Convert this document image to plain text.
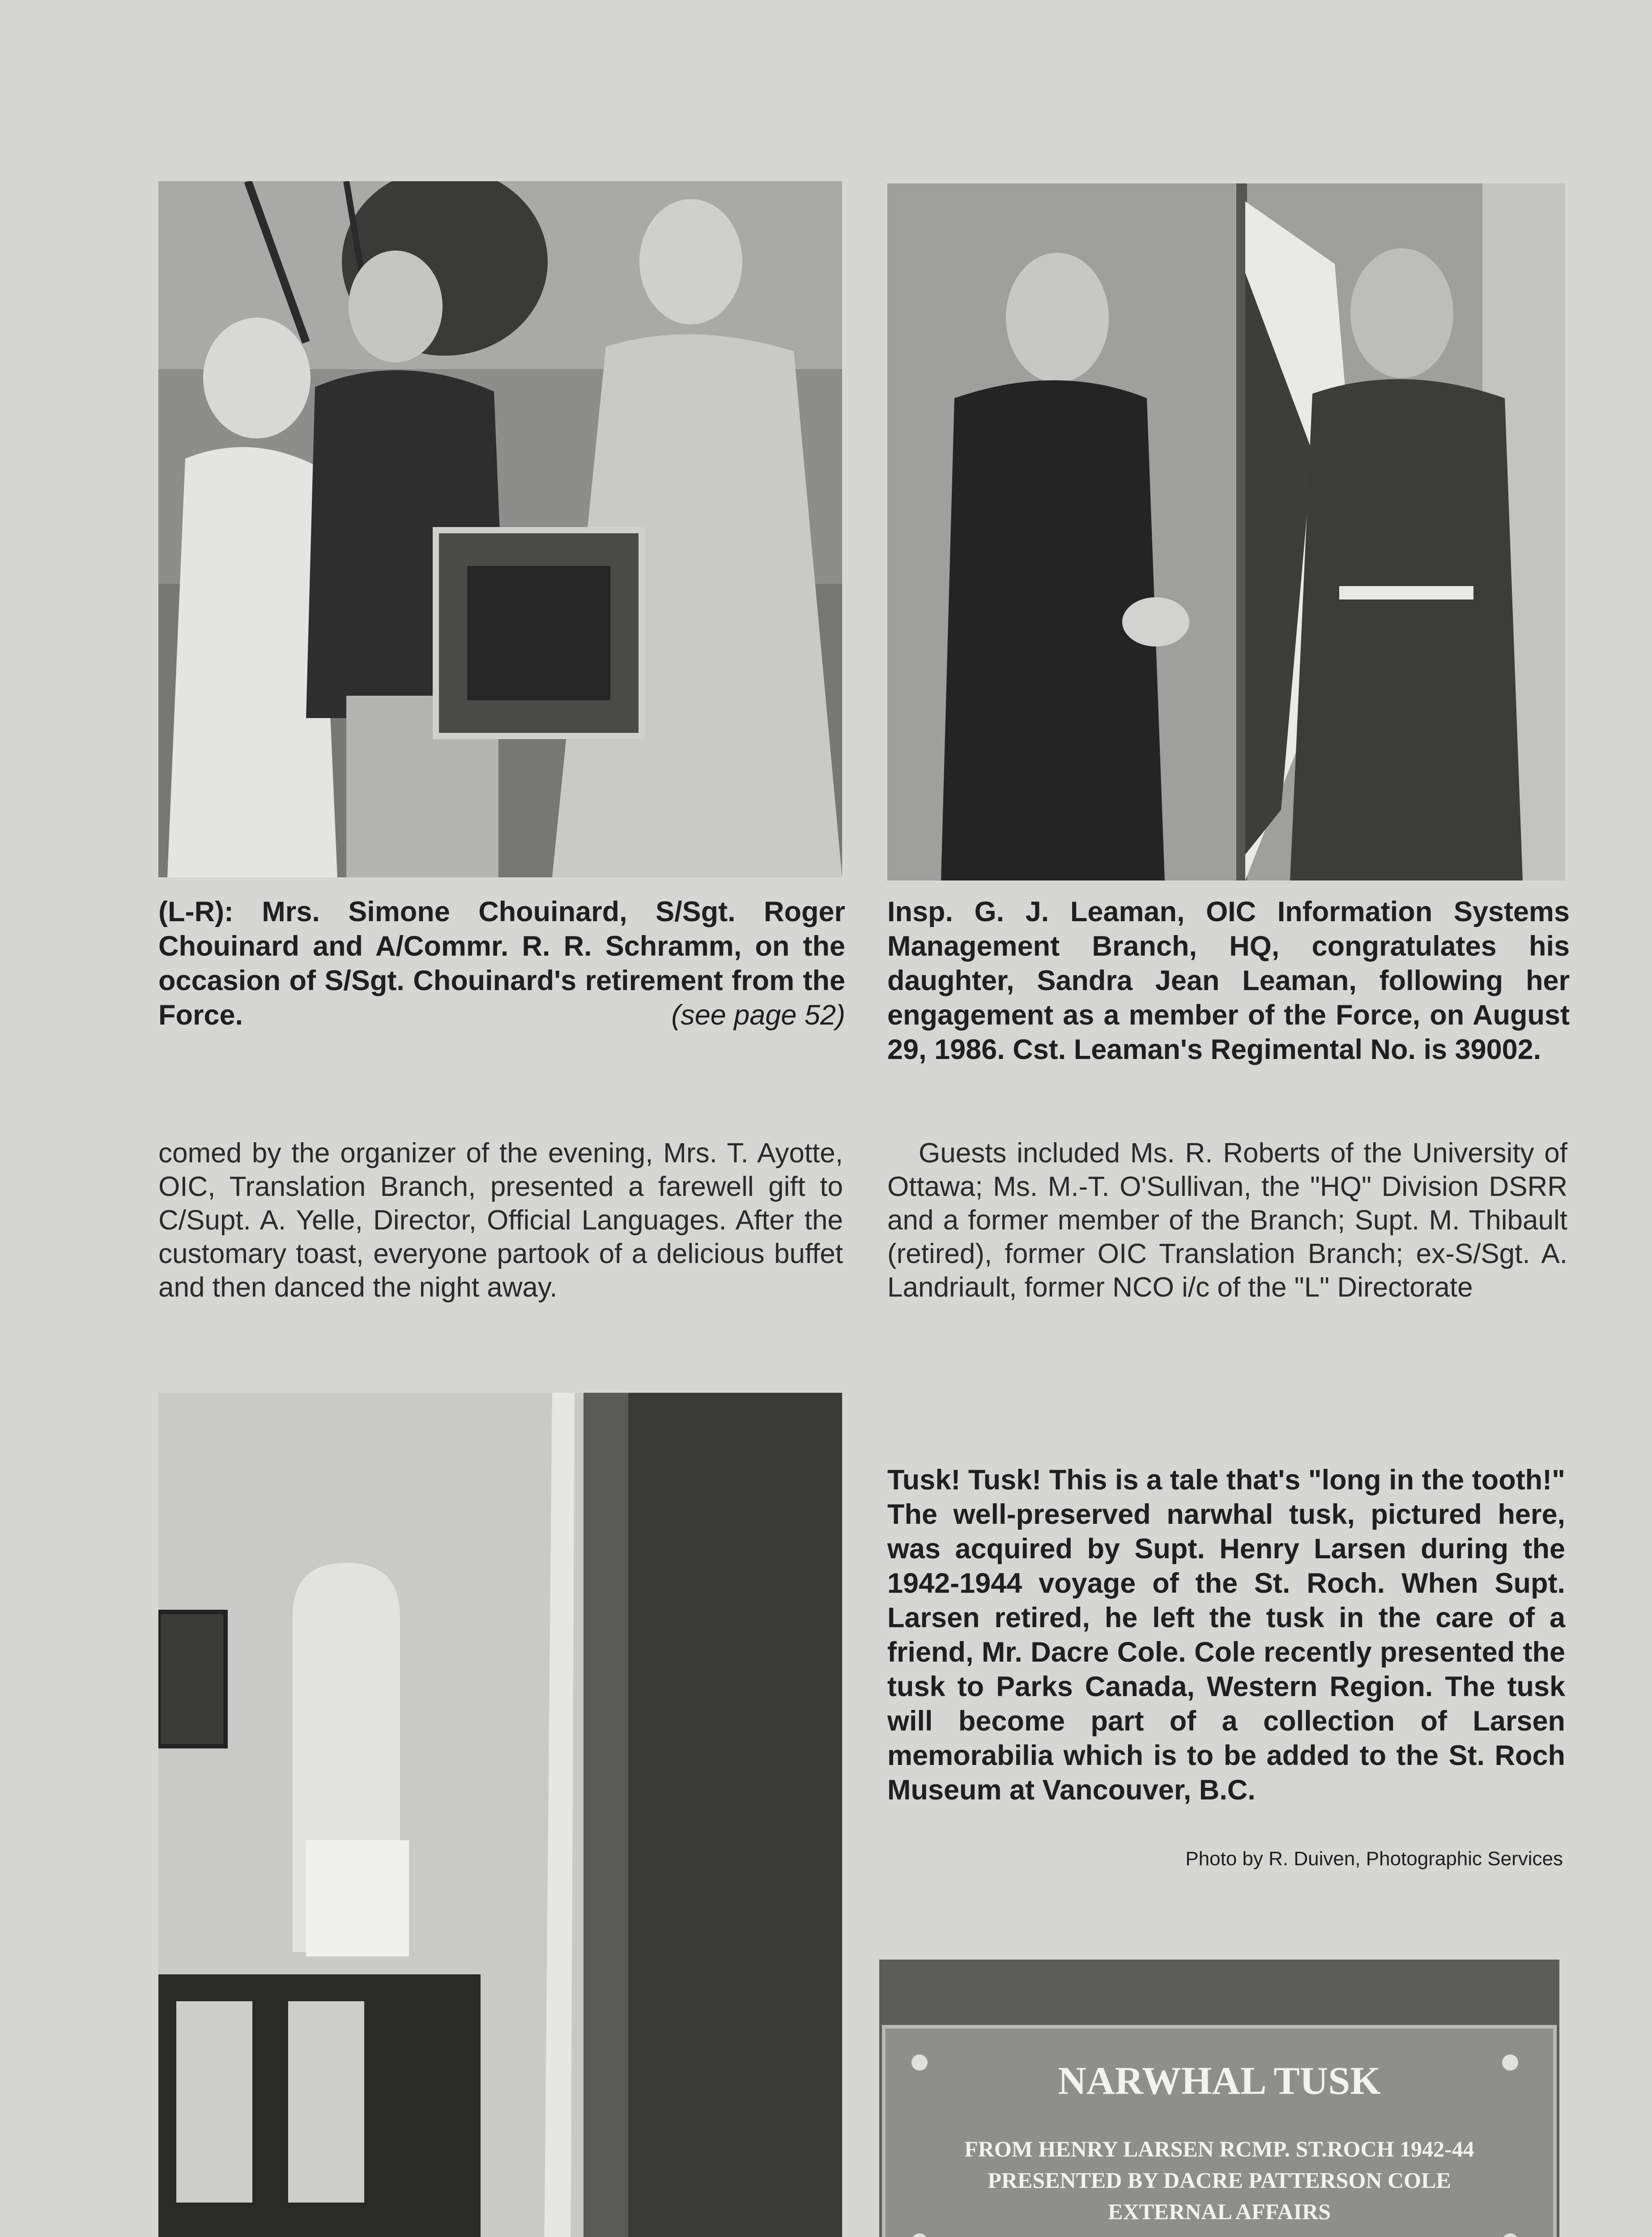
(L-R): Mrs. Simone Chouinard, S/Sgt. Roger Chouinard and A/Commr. R. R. Schramm, on the occasion of S/Sgt. Chouinard's retirement from the Force.	(see page 52)

Insp. G. J. Leaman, OIC Information Systems Management Branch, HQ, congratulates his daughter, Sandra Jean Leaman, following her engagement as a member of the Force, on August 29, 1986. Cst. Leaman's Regimental No. is 39002.

comed by the organizer of the evening, Mrs. T. Ayotte, OIC, Translation Branch, presented a farewell gift to C/Supt. A. Yelle, Director, Official Languages. After the customary toast, everyone partook of a delicious buffet and then danced the night away.

Guests included Ms. R. Roberts of the University of Ottawa; Ms. M.-T. O'Sullivan, the "HQ" Division DSRR and a former member of the Branch; Supt. M. Thibault (retired), former OIC Translation Branch; ex-S/Sgt. A. Landriault, former NCO i/c of the "L" Directorate

Tusk! Tusk! This is a tale that's "long in the tooth!" The well-preserved narwhal tusk, pictured here, was acquired by Supt. Henry Larsen during the 1942-1944 voyage of the St. Roch. When Supt. Larsen retired, he left the tusk in the care of a friend, Mr. Dacre Cole. Cole recently presented the tusk to Parks Canada, Western Region. The tusk will become part of a collection of Larsen memorabilia which is to be added to the St. Roch Museum at Vancouver, B.C.

Photo by R. Duiven, Photographic Services

NARWHAL TUSK
FROM HENRY LARSEN RCMP. ST.ROCH 1942-44
PRESENTED BY DACRE PATTERSON COLE
EXTERNAL AFFAIRS
